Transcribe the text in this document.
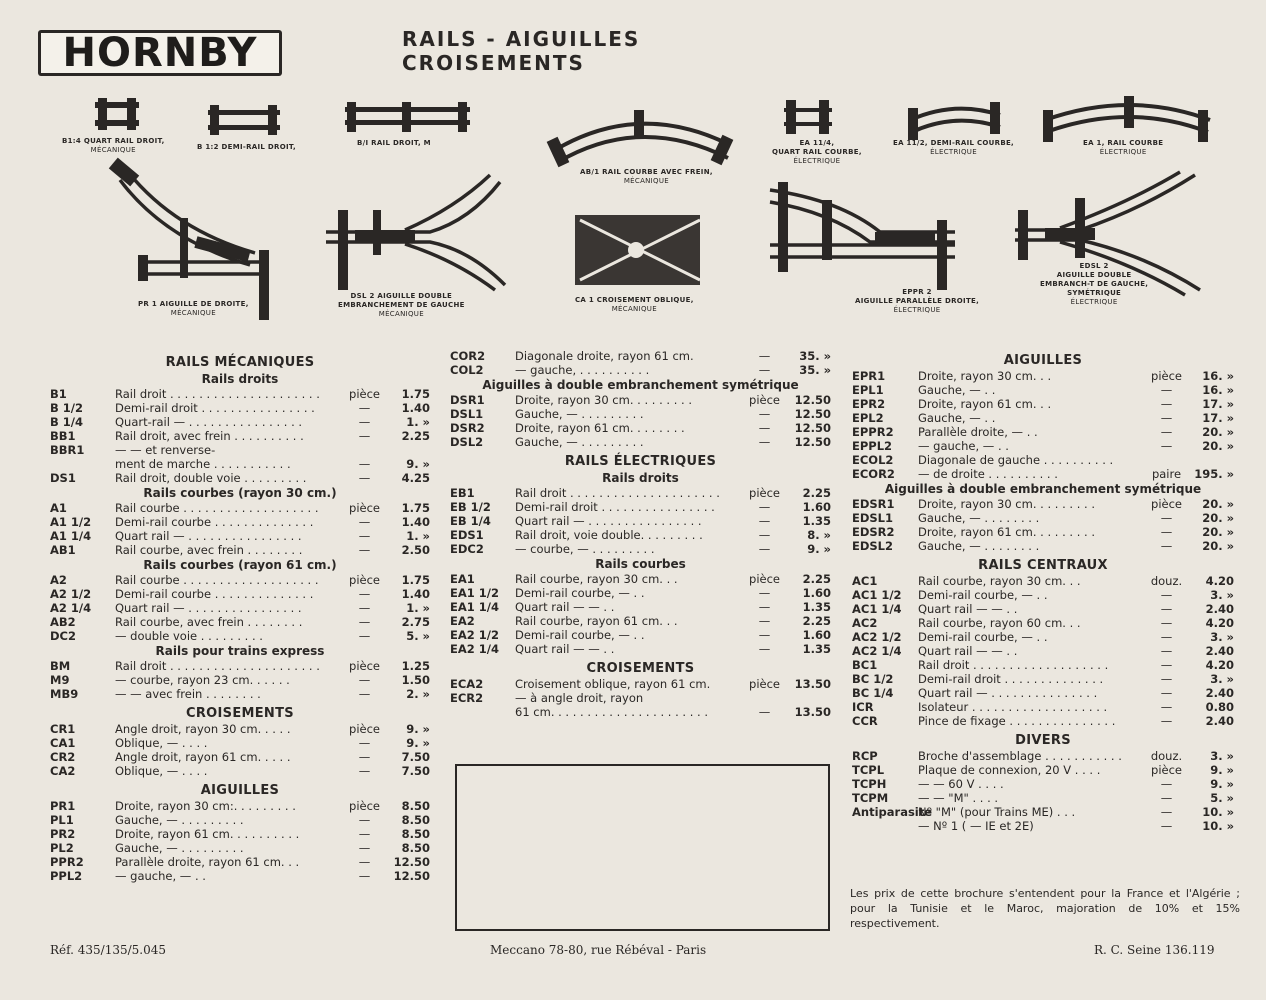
HORNBY	RAILS - AIGUILLES
CROISEMENTS
B1:4 QUART RAIL DROIT,
MÉCANIQUE	B 1:2 DEMI-RAIL DROIT,	B/I RAIL DROIT, M
AB/1 RAIL COURBE AVEC FREIN,
MÉCANIQUE
EA 11/4,
QUART RAIL COURBE,
ÉLECTRIQUE
EA 11/2, DEMI-RAIL COURBE,
ÉLECTRIQUE
EA 1, RAIL COURBE
ÉLECTRIQUE
PR 1 AIGUILLE DE DROITE,
MÉCANIQUE
DSL 2 AIGUILLE DOUBLE
EMBRANCHEMENT DE GAUCHE
MÉCANIQUE
CA 1 CROISEMENT OBLIQUE,
MÉCANIQUE
EPPR 2
AIGUILLE PARALLÈLE DROITE,
ÉLECTRIQUE
EDSL 2
AIGUILLE DOUBLE
EMBRANCH-T DE GAUCHE,
SYMÉTRIQUE
ÉLECTRIQUE
RAILS MÉCANIQUES
Rails droits
B1	Rail droit . . . . . . . . . . . . . . . . . . . . .	pièce	1.75
B 1/2	Demi-rail droit . . . . . . . . . . . . . . . .	—	1.40
B 1/4	Quart-rail — . . . . . . . . . . . . . . . .	—	1. »
BB1	Rail droit, avec frein . . . . . . . . . .	—	2.25
BBR1	— — et renverse-
ment de marche . . . . . . . . . . .	—	9. »
DS1	Rail droit, double voie . . . . . . . . .	—	4.25
Rails courbes (rayon 30 cm.)
A1	Rail courbe . . . . . . . . . . . . . . . . . . .	pièce	1.75
A1 1/2 Demi-rail courbe . . . . . . . . . . . . . .	—	1.40
A1 1/4 Quart rail — . . . . . . . . . . . . . . . .	—	1. »
AB1	Rail courbe, avec frein . . . . . . . .	—	2.50
Rails courbes (rayon 61 cm.)
A2	Rail courbe . . . . . . . . . . . . . . . . . . .	pièce	1.75
A2 1/2 Demi-rail courbe . . . . . . . . . . . . . .	—	1.40
A2 1/4 Quart rail — . . . . . . . . . . . . . . . .	—	1. »
AB2	Rail courbe, avec frein . . . . . . . .	—	2.75
DC2	— double voie . . . . . . . . .	—	5. »
Rails pour trains express
BM	Rail droit . . . . . . . . . . . . . . . . . . . . .	pièce	1.25
M9	— courbe, rayon 23 cm. . . . . .	—	1.50
MB9	— — avec frein . . . . . . . .	—	2. »
CROISEMENTS
CR1	Angle droit, rayon 30 cm. . . . .	pièce	9. »
CA1	Oblique, — . . . .	—	9. »
CR2	Angle droit, rayon 61 cm. . . . .	—	7.50
CA2	Oblique, — . . . .	—	7.50
AIGUILLES
PR1	Droite, rayon 30 cm:. . . . . . . . .	pièce	8.50
PL1	Gauche, — . . . . . . . . .	—	8.50
PR2	Droite, rayon 61 cm. . . . . . . . . .	—	8.50
PL2	Gauche, — . . . . . . . . .	—	8.50
PPR2	Parallèle droite, rayon 61 cm. . .	—	12.50
PPL2	— gauche, — . .	—	12.50
COR2	Diagonale droite, rayon 61 cm.	—	35. »
COL2	— gauche, . . . . . . . . . .	—	35. »
Aiguilles à double embranchement symétrique
DSR1	Droite, rayon 30 cm. . . . . . . . .	pièce	12.50
DSL1	Gauche, — . . . . . . . . .	—	12.50
DSR2	Droite, rayon 61 cm. . . . . . . .	—	12.50
DSL2	Gauche, — . . . . . . . . .	—	12.50
RAILS ÉLECTRIQUES
Rails droits
EB1	Rail droit . . . . . . . . . . . . . . . . . . . . .	pièce	2.25
EB 1/2 Demi-rail droit . . . . . . . . . . . . . . . .	—	1.60
EB 1/4 Quart rail — . . . . . . . . . . . . . . . .	—	1.35
EDS1	Rail droit, voie double. . . . . . . . .	—	8. »
EDC2	— courbe, — . . . . . . . . .	—	9. »
Rails courbes
EA1	Rail courbe, rayon 30 cm. . .	pièce	2.25
EA1 1/2 Demi-rail courbe, — . .	—	1.60
EA1 1/4 Quart rail — — . .	—	1.35
EA2	Rail courbe, rayon 61 cm. . .	—	2.25
EA2 1/2 Demi-rail courbe, — . .	—	1.60
EA2 1/4 Quart rail — — . .	—	1.35
CROISEMENTS
ECA2	Croisement oblique, rayon 61 cm.	pièce	13.50
ECR2	— à angle droit, rayon
61 cm. . . . . . . . . . . . . . . . . . . . . .	—	13.50
AIGUILLES
EPR1	Droite, rayon 30 cm. . .	pièce	16. »
EPL1	Gauche, — . .	—	16. »
EPR2	Droite, rayon 61 cm. . .	—	17. »
EPL2	Gauche, — . .	—	17. »
EPPR2 Parallèle droite, — . .	—	20. »
EPPL2 — gauche, — . .	—	20. »
ECOL2 Diagonale de gauche . . . . . . . . . .
ECOR2 — de droite . . . . . . . . . .	paire	195. »
Aiguilles à double embranchement symétrique
EDSR1 Droite, rayon 30 cm. . . . . . . . .	pièce	20. »
EDSL1 Gauche, — . . . . . . . .	—	20. »
EDSR2 Droite, rayon 61 cm. . . . . . . . .	—	20. »
EDSL2 Gauche, — . . . . . . . .	—	20. »
RAILS CENTRAUX
AC1	Rail courbe, rayon 30 cm. . .	douz.	4.20
AC1 1/2 Demi-rail courbe, — . .	—	3. »
AC1 1/4 Quart rail — — . .	—	2.40
AC2	Rail courbe, rayon 60 cm. . .	—	4.20
AC2 1/2 Demi-rail courbe, — . .	—	3. »
AC2 1/4 Quart rail — — . .	—	2.40
BC1	Rail droit . . . . . . . . . . . . . . . . . . .	—	4.20
BC 1/2 Demi-rail droit . . . . . . . . . . . . . .	—	3. »
BC 1/4 Quart rail — . . . . . . . . . . . . . . .	—	2.40
ICR	Isolateur . . . . . . . . . . . . . . . . . . .	—	0.80
CCR	Pince de fixage . . . . . . . . . . . . . . .	—	2.40
DIVERS
RCP	Broche d'assemblage . . . . . . . . . . .	douz.	3. »
TCPL	Plaque de connexion, 20 V . . . .	pièce	9. »
TCPH	— — 60 V . . . .	—	9. »
TCPM	— — "M" . . . .	—	5. »
Antiparasite
Nº "M" (pour Trains ME) . . .	—	10. »
— Nº 1 ( — IE et 2E)	—	10. »
Les prix de cette brochure s'entendent pour la France et l'Algérie ; pour la Tunisie et le Maroc, majoration de 10% et 15% respectivement.
Réf. 435/135/5.045	Meccano 78-80, rue Rébéval - Paris	R. C. Seine 136.119
